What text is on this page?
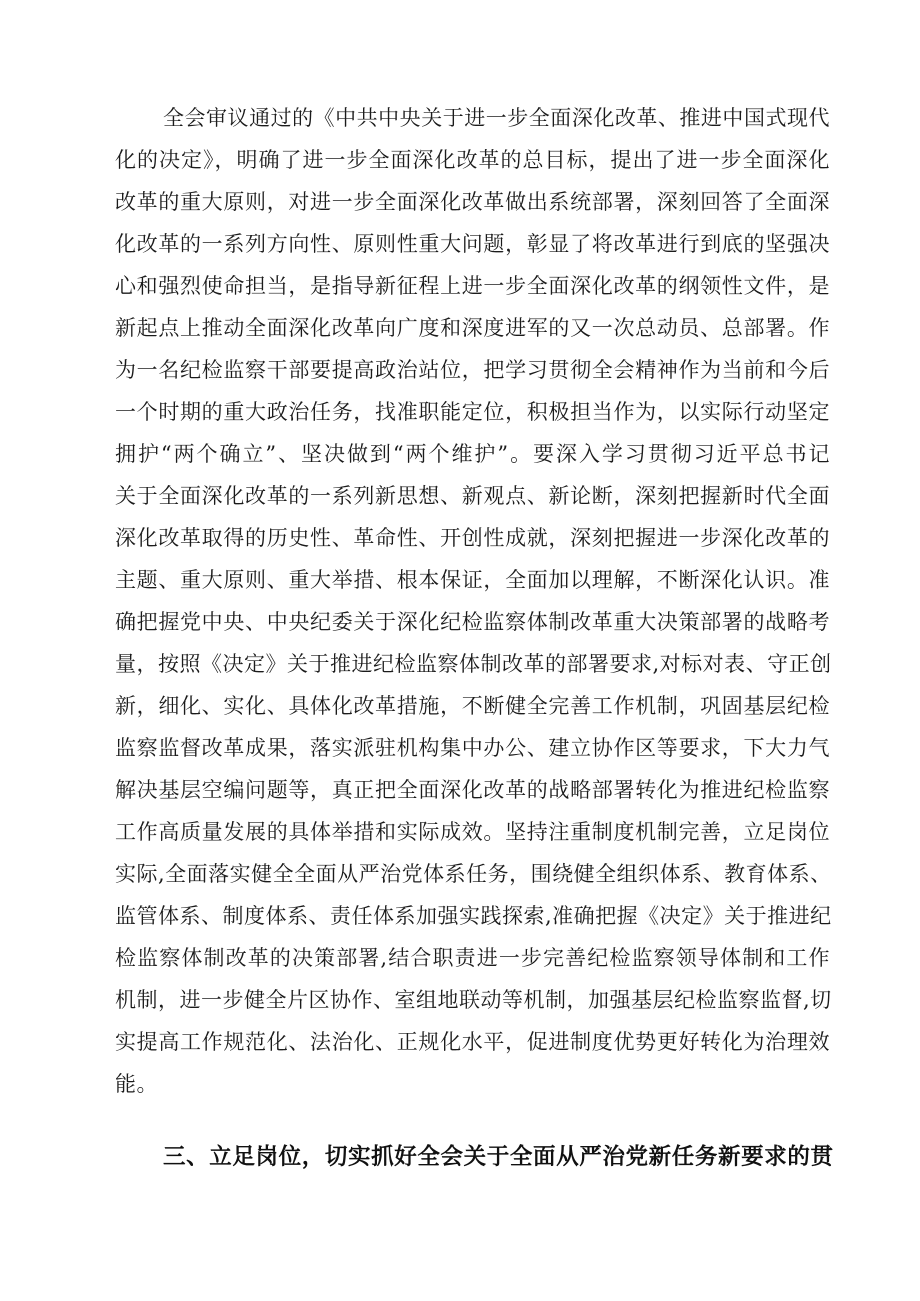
全会审议通过的《中共中央关于进一步全面深化改革、推进中国式现代
化的决定》，明确了进一步全面深化改革的总目标，提出了进一步全面深化
改革的重大原则，对进一步全面深化改革做出系统部署，深刻回答了全面深
化改革的一系列方向性、原则性重大问题，彰显了将改革进行到底的坚强决
心和强烈使命担当，是指导新征程上进一步全面深化改革的纲领性文件，是
新起点上推动全面深化改革向广度和深度进军的又一次总动员、总部署。作
为一名纪检监察干部要提高政治站位，把学习贯彻全会精神作为当前和今后
一个时期的重大政治任务，找准职能定位，积极担当作为，以实际行动坚定
拥护“两个确立”、坚决做到“两个维护”。要深入学习贯彻习近平总书记
关于全面深化改革的一系列新思想、新观点、新论断，深刻把握新时代全面
深化改革取得的历史性、革命性、开创性成就，深刻把握进一步深化改革的
主题、重大原则、重大举措、根本保证，全面加以理解，不断深化认识。准
确把握党中央、中央纪委关于深化纪检监察体制改革重大决策部署的战略考
量，按照《决定》关于推进纪检监察体制改革的部署要求,对标对表、守正创
新，细化、实化、具体化改革措施，不断健全完善工作机制，巩固基层纪检
监察监督改革成果，落实派驻机构集中办公、建立协作区等要求，下大力气
解决基层空编问题等，真正把全面深化改革的战略部署转化为推进纪检监察
工作高质量发展的具体举措和实际成效。坚持注重制度机制完善，立足岗位
实际,全面落实健全全面从严治党体系任务，围绕健全组织体系、教育体系、
监管体系、制度体系、责任体系加强实践探索,准确把握《决定》关于推进纪
检监察体制改革的决策部署,结合职责进一步完善纪检监察领导体制和工作
机制，进一步健全片区协作、室组地联动等机制，加强基层纪检监察监督,切
实提高工作规范化、法治化、正规化水平，促进制度优势更好转化为治理效
能。
三、立足岗位，切实抓好全会关于全面从严治党新任务新要求的贯
